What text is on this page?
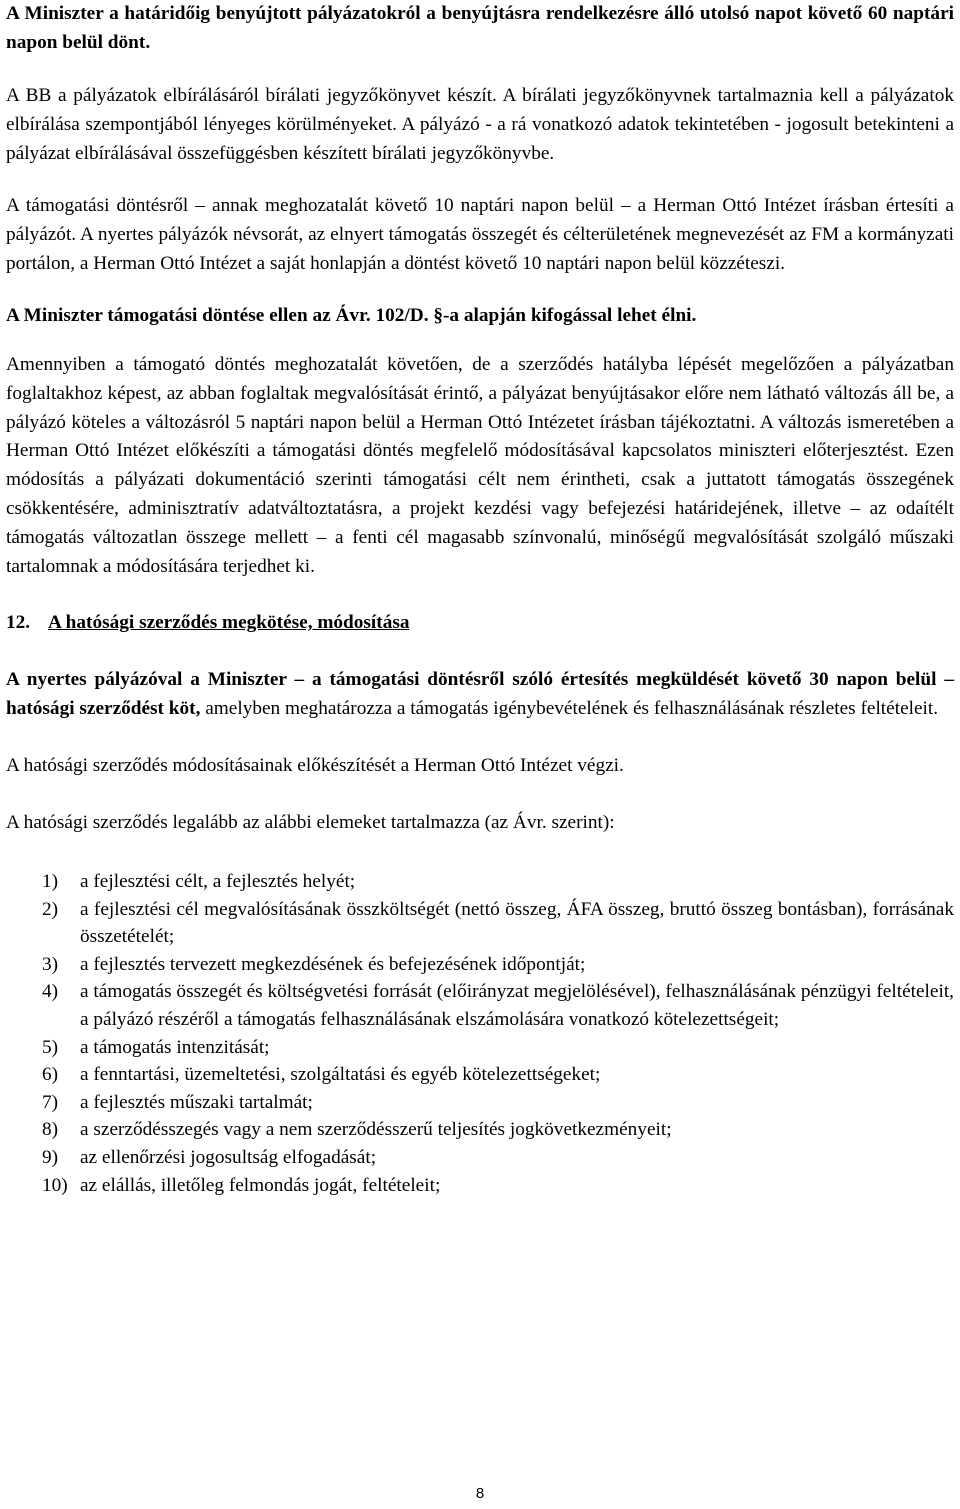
A Miniszter a határidőig benyújtott pályázatokról a benyújtásra rendelkezésre álló utolsó napot követő 60 naptári napon belül dönt.

A BB a pályázatok elbírálásáról bírálati jegyzőkönyvet készít. A bírálati jegyzőkönyvnek tartalmaznia kell a pályázatok elbírálása szempontjából lényeges körülményeket. A pályázó - a rá vonatkozó adatok tekintetében - jogosult betekinteni a pályázat elbírálásával összefüggésben készített bírálati jegyzőkönyvbe.

A támogatási döntésről ‒ annak meghozatalát követő 10 naptári napon belül ‒ a Herman Ottó Intézet írásban értesíti a pályázót. A nyertes pályázók névsorát, az elnyert támogatás összegét és célterületének megnevezését az FM a kormányzati portálon, a Herman Ottó Intézet a saját honlapján a döntést követő 10 naptári napon belül közzéteszi.

A Miniszter támogatási döntése ellen az Ávr. 102/D. §-a alapján kifogással lehet élni.

Amennyiben a támogató döntés meghozatalát követően, de a szerződés hatályba lépését megelőzően a pályázatban foglaltakhoz képest, az abban foglaltak megvalósítását érintő, a pályázat benyújtásakor előre nem látható változás áll be, a pályázó köteles a változásról 5 naptári napon belül a Herman Ottó Intézetet írásban tájékoztatni. A változás ismeretében a Herman Ottó Intézet előkészíti a támogatási döntés megfelelő módosításával kapcsolatos miniszteri előterjesztést. Ezen módosítás a pályázati dokumentáció szerinti támogatási célt nem érintheti, csak a juttatott támogatás összegének csökkentésére, adminisztratív adatváltoztatásra, a projekt kezdési vagy befejezési határidejének, illetve ‒ az odaítélt támogatás változatlan összege mellett ‒ a fenti cél magasabb színvonalú, minőségű megvalósítását szolgáló műszaki tartalomnak a módosítására terjedhet ki.

12. A hatósági szerződés megkötése, módosítása

A nyertes pályázóval a Miniszter ‒ a támogatási döntésről szóló értesítés megküldését követő 30 napon belül ‒ hatósági szerződést köt, amelyben meghatározza a támogatás igénybevételének és felhasználásának részletes feltételeit.

A hatósági szerződés módosításainak előkészítését a Herman Ottó Intézet végzi.

A hatósági szerződés legalább az alábbi elemeket tartalmazza (az Ávr. szerint):

1) a fejlesztési célt, a fejlesztés helyét;
2) a fejlesztési cél megvalósításának összköltségét (nettó összeg, ÁFA összeg, bruttó összeg bontásban), forrásának összetételét;
3) a fejlesztés tervezett megkezdésének és befejezésének időpontját;
4) a támogatás összegét és költségvetési forrását (előirányzat megjelölésével), felhasználásának pénzügyi feltételeit, a pályázó részéről a támogatás felhasználásának elszámolására vonatkozó kötelezettségeit;
5) a támogatás intenzitását;
6) a fenntartási, üzemeltetési, szolgáltatási és egyéb kötelezettségeket;
7) a fejlesztés műszaki tartalmát;
8) a szerződésszegés vagy a nem szerződésszerű teljesítés jogkövetkezményeit;
9) az ellenőrzési jogosultság elfogadását;
10) az elállás, illetőleg felmondás jogát, feltételeit;
8
